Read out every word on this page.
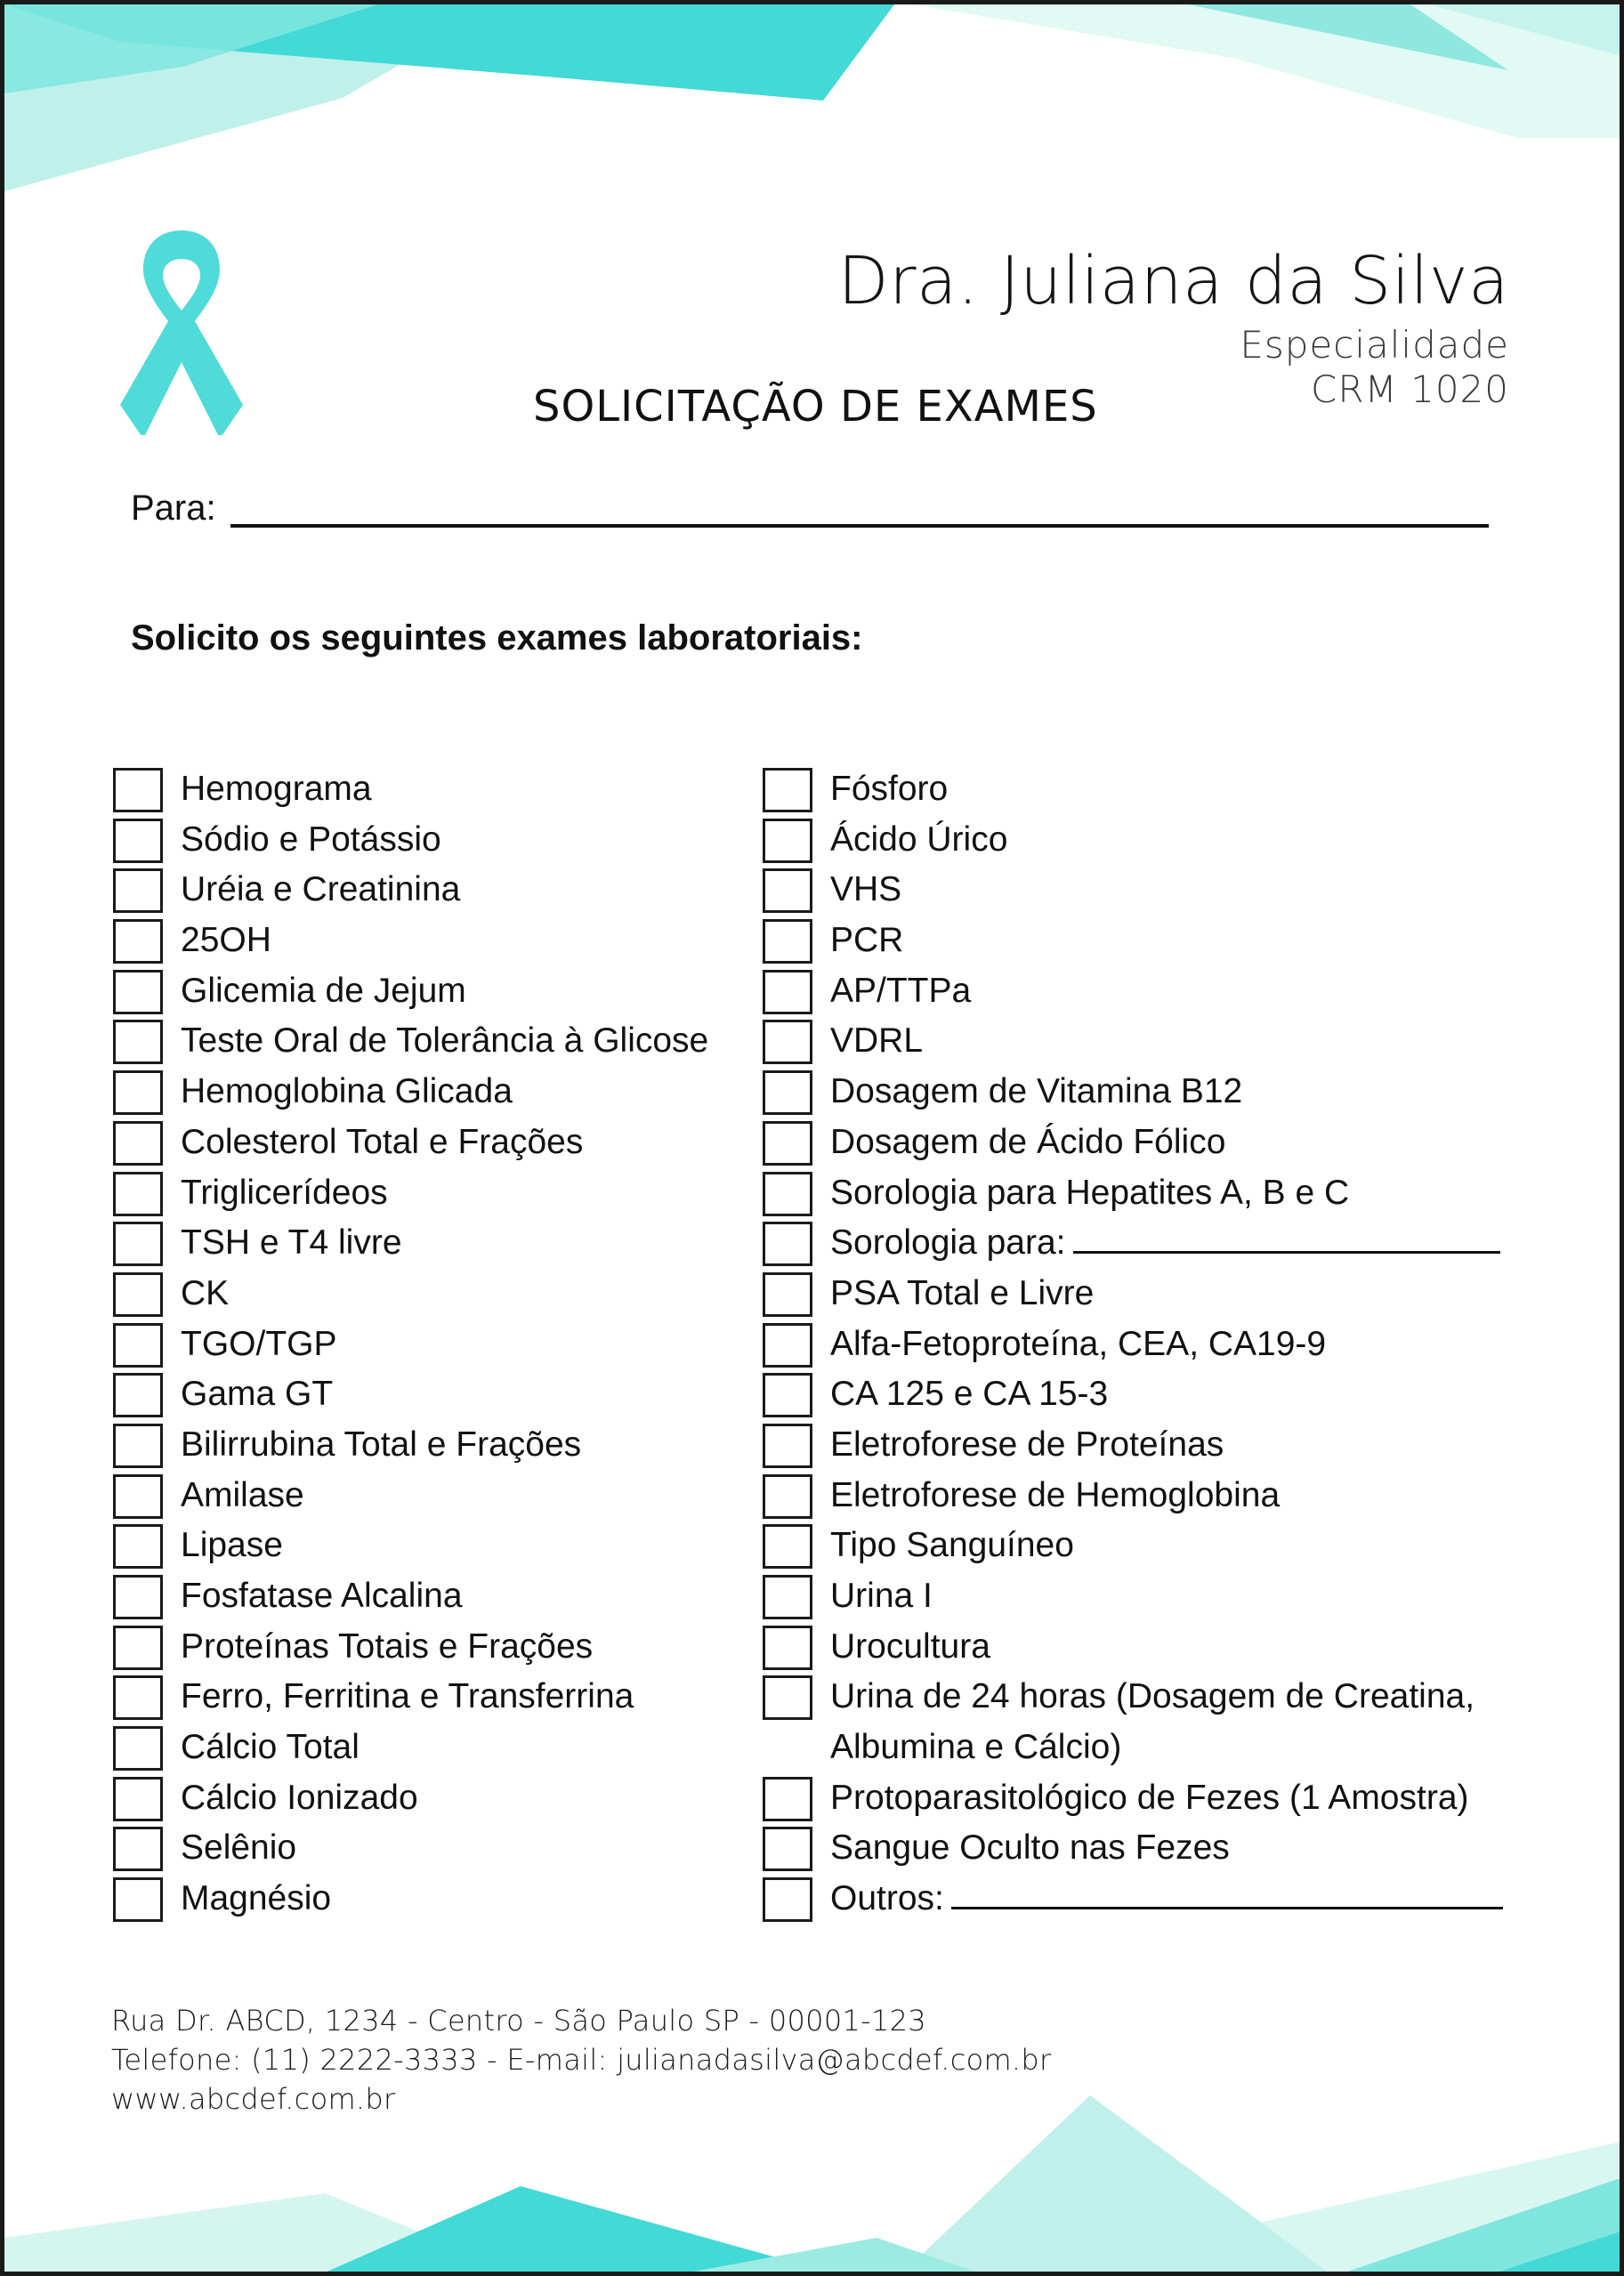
Dra. Juliana da Silva
Especialidade
CRM 1020
SOLICITAÇÃO DE EXAMES
Para:
Solicito os seguintes exames laboratoriais:
Hemograma
Sódio e Potássio
Uréia e Creatinina
25OH
Glicemia de Jejum
Teste Oral de Tolerância à Glicose
Hemoglobina Glicada
Colesterol Total e Frações
Triglicerídeos
TSH e T4 livre
CK
TGO/TGP
Gama GT
Bilirrubina Total e Frações
Amilase
Lipase
Fosfatase Alcalina
Proteínas Totais e Frações
Ferro, Ferritina e Transferrina
Cálcio Total
Cálcio Ionizado
Selênio
Magnésio
Fósforo
Ácido Úrico
VHS
PCR
AP/TTPa
VDRL
Dosagem de Vitamina B12
Dosagem de Ácido Fólico
Sorologia para Hepatites A, B e C
Sorologia para:
PSA Total e Livre
Alfa-Fetoproteína, CEA, CA19-9
CA 125 e CA 15-3
Eletroforese de Proteínas
Eletroforese de Hemoglobina
Tipo Sanguíneo
Urina I
Urocultura
Urina de 24 horas (Dosagem de Creatina, Albumina e Cálcio)
Protoparasitológico de Fezes (1 Amostra)
Sangue Oculto nas Fezes
Outros:
Rua Dr. ABCD, 1234 - Centro - São Paulo SP - 00001-123
Telefone: (11) 2222-3333 - E-mail: julianadasilva@abcdef.com.br
www.abcdef.com.br
